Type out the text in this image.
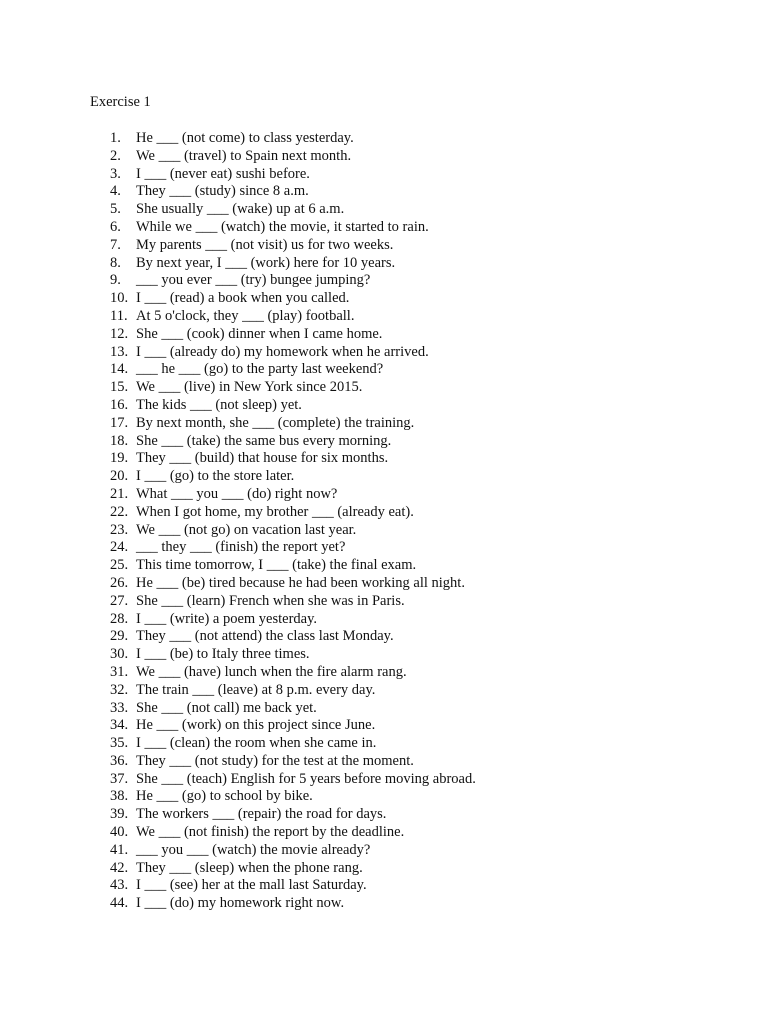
Exercise 1
1.	He ___ (not come) to class yesterday.
2.	We ___ (travel) to Spain next month.
3.	I ___ (never eat) sushi before.
4.	They ___ (study) since 8 a.m.
5.	She usually ___ (wake) up at 6 a.m.
6.	While we ___ (watch) the movie, it started to rain.
7.	My parents ___ (not visit) us for two weeks.
8.	By next year, I ___ (work) here for 10 years.
9.	___ you ever ___ (try) bungee jumping?
10. I ___ (read) a book when you called.
11. At 5 o'clock, they ___ (play) football.
12. She ___ (cook) dinner when I came home.
13. I ___ (already do) my homework when he arrived.
14. ___ he ___ (go) to the party last weekend?
15. We ___ (live) in New York since 2015.
16. The kids ___ (not sleep) yet.
17. By next month, she ___ (complete) the training.
18. She ___ (take) the same bus every morning.
19. They ___ (build) that house for six months.
20. I ___ (go) to the store later.
21. What ___ you ___ (do) right now?
22. When I got home, my brother ___ (already eat).
23. We ___ (not go) on vacation last year.
24. ___ they ___ (finish) the report yet?
25. This time tomorrow, I ___ (take) the final exam.
26. He ___ (be) tired because he had been working all night.
27. She ___ (learn) French when she was in Paris.
28. I ___ (write) a poem yesterday.
29. They ___ (not attend) the class last Monday.
30. I ___ (be) to Italy three times.
31. We ___ (have) lunch when the fire alarm rang.
32. The train ___ (leave) at 8 p.m. every day.
33. She ___ (not call) me back yet.
34. He ___ (work) on this project since June.
35. I ___ (clean) the room when she came in.
36. They ___ (not study) for the test at the moment.
37. She ___ (teach) English for 5 years before moving abroad.
38. He ___ (go) to school by bike.
39. The workers ___ (repair) the road for days.
40. We ___ (not finish) the report by the deadline.
41. ___ you ___ (watch) the movie already?
42. They ___ (sleep) when the phone rang.
43. I ___ (see) her at the mall last Saturday.
44. I ___ (do) my homework right now.
